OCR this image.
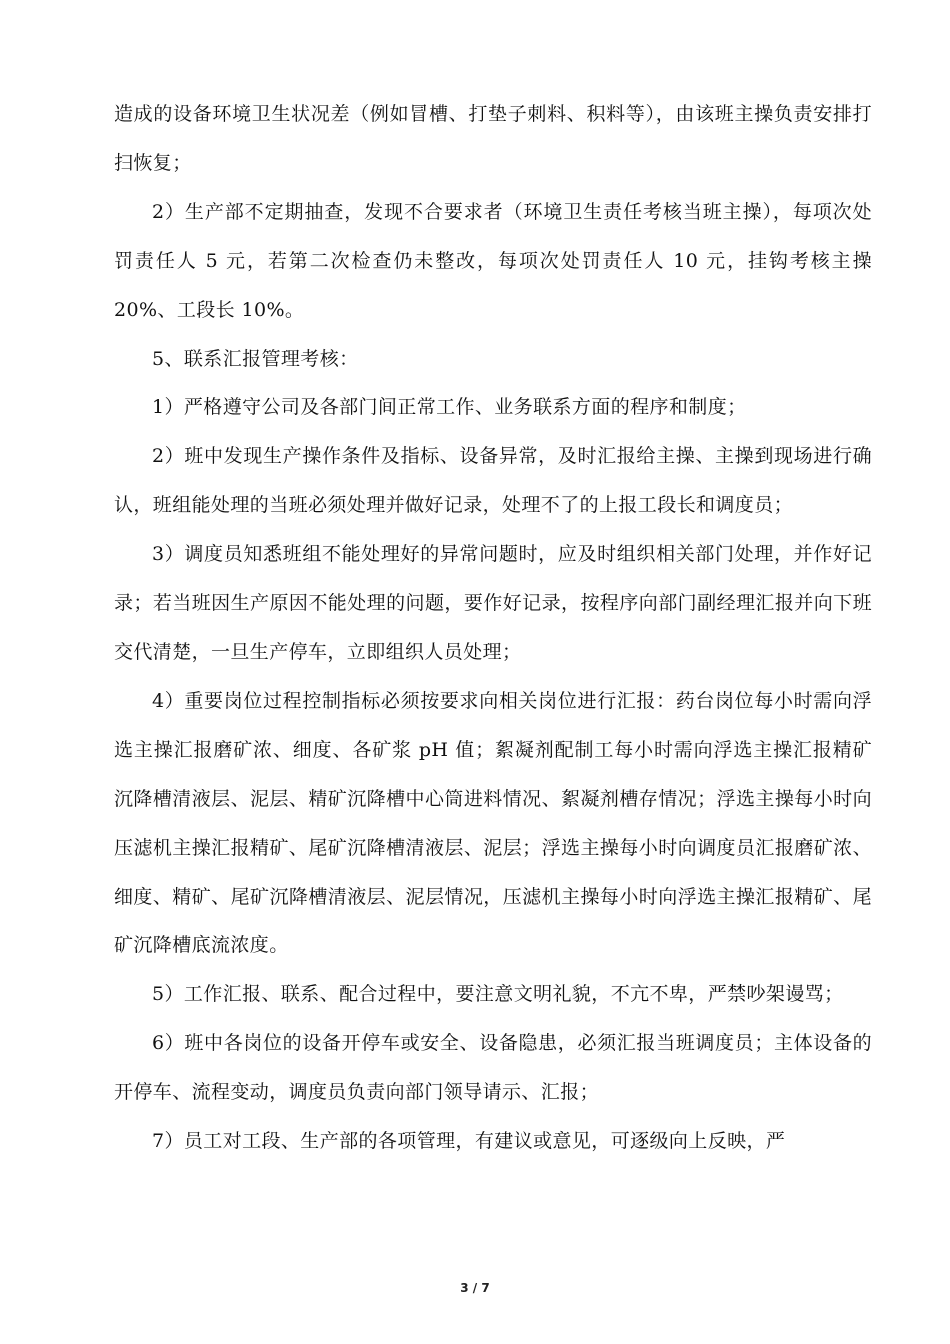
造成的设备环境卫生状况差（例如冒槽、打垫子刺料、积料等），由该班主操负责安排打扫恢复；

2）生产部不定期抽查，发现不合要求者（环境卫生责任考核当班主操），每项次处罚责任人 5 元，若第二次检查仍未整改，每项次处罚责任人 10 元，挂钩考核主操 20%、工段长 10%。

5、联系汇报管理考核：

1）严格遵守公司及各部门间正常工作、业务联系方面的程序和制度；

2）班中发现生产操作条件及指标、设备异常，及时汇报给主操、主操到现场进行确认，班组能处理的当班必须处理并做好记录，处理不了的上报工段长和调度员；

3）调度员知悉班组不能处理好的异常问题时，应及时组织相关部门处理，并作好记录；若当班因生产原因不能处理的问题，要作好记录，按程序向部门副经理汇报并向下班交代清楚，一旦生产停车，立即组织人员处理；

4）重要岗位过程控制指标必须按要求向相关岗位进行汇报：药台岗位每小时需向浮选主操汇报磨矿浓、细度、各矿浆 pH 值；絮凝剂配制工每小时需向浮选主操汇报精矿沉降槽清液层、泥层、精矿沉降槽中心筒进料情况、絮凝剂槽存情况；浮选主操每小时向压滤机主操汇报精矿、尾矿沉降槽清液层、泥层；浮选主操每小时向调度员汇报磨矿浓、细度、精矿、尾矿沉降槽清液层、泥层情况，压滤机主操每小时向浮选主操汇报精矿、尾矿沉降槽底流浓度。

5）工作汇报、联系、配合过程中，要注意文明礼貌，不亢不卑，严禁吵架谩骂；

6）班中各岗位的设备开停车或安全、设备隐患，必须汇报当班调度员；主体设备的开停车、流程变动，调度员负责向部门领导请示、汇报；

7）员工对工段、生产部的各项管理，有建议或意见，可逐级向上反映，严

3 / 7
